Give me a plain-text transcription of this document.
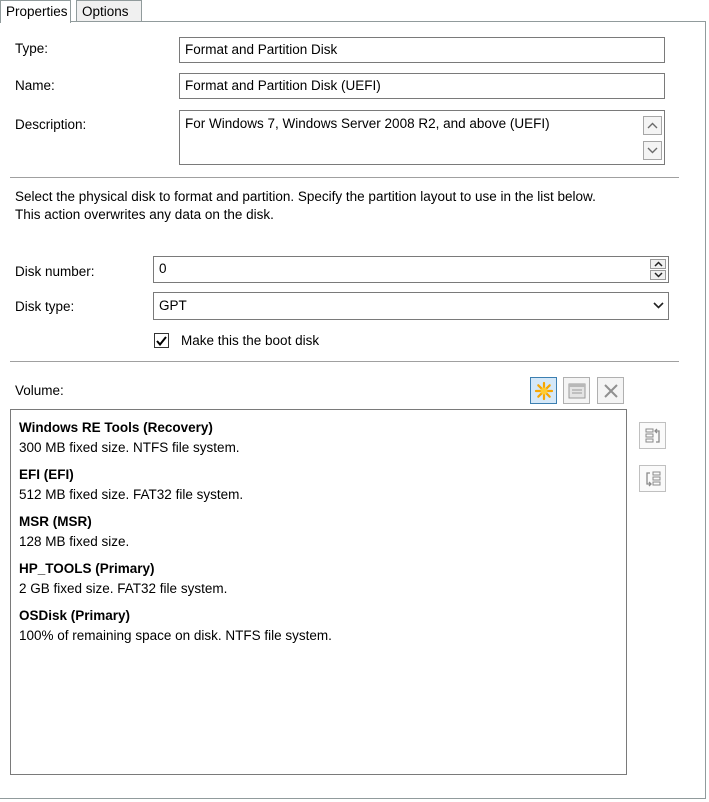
Properties	Options
Type:	Format and Partition Disk
Name:	Format and Partition Disk (UEFI)
Description:	For Windows 7, Windows Server 2008 R2, and above (UEFI)
Select the physical disk to format and partition. Specify the partition layout to use in the list below.
This action overwrites any data on the disk.
Disk number:	0
Disk type:	GPT
Make this the boot disk
Volume:
Windows RE Tools (Recovery)
300 MB fixed size. NTFS file system.
EFI (EFI)
512 MB fixed size. FAT32 file system.
MSR (MSR)
128 MB fixed size.
HP_TOOLS (Primary)
2 GB fixed size. FAT32 file system.
OSDisk (Primary)
100% of remaining space on disk. NTFS file system.
